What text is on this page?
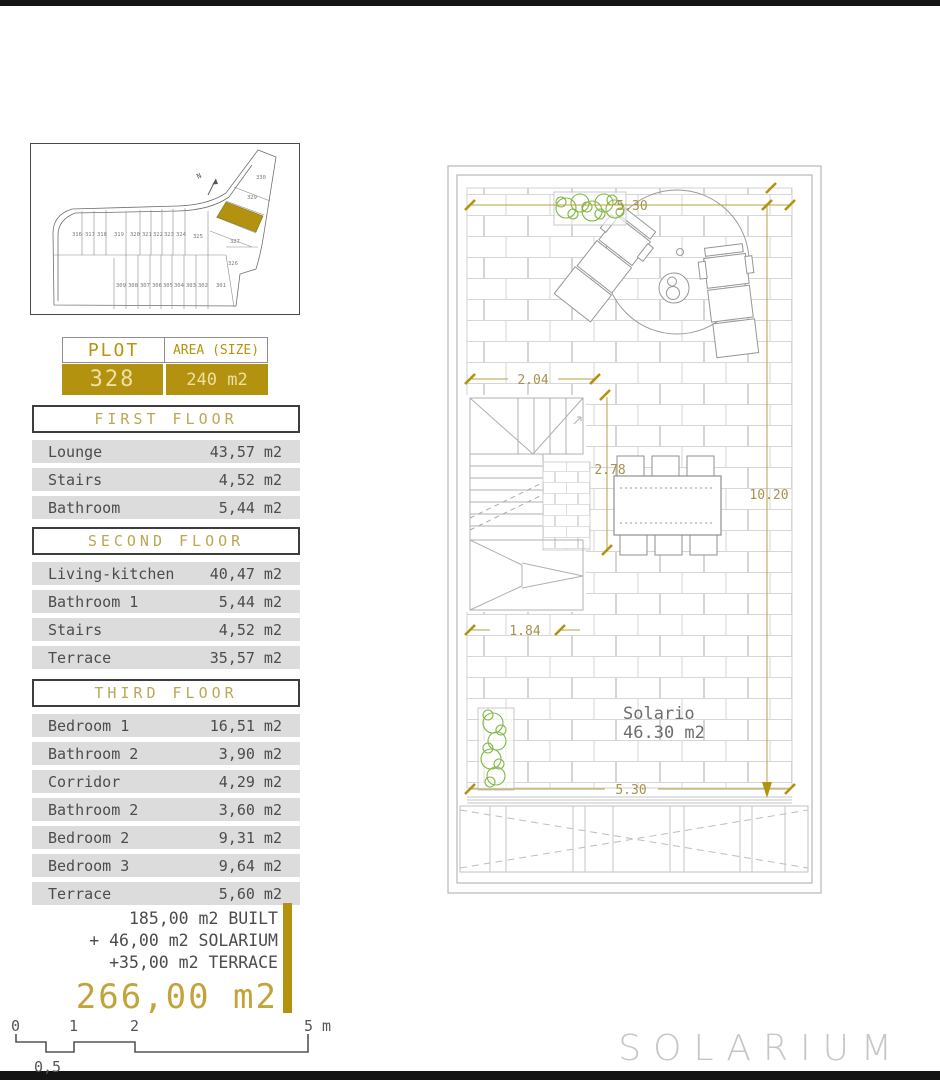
N
316 317 318 319 320 321 322 323 324 325
309 308 307 306 305 304 303 302 301
330
329
327
326
PLOT	AREA (SIZE)
328	240 m2
FIRST FLOOR
Lounge	43,57 m2
Stairs	4,52 m2
Bathroom	5,44 m2
SECOND FLOOR
Living-kitchen 40,47 m2
Bathroom 1	5,44 m2
Stairs	4,52 m2
Terrace	35,57 m2
THIRD FLOOR
Bedroom 1	16,51 m2
Bathroom 2	3,90 m2
Corridor	4,29 m2
Bathroom 2	3,60 m2
Bedroom 2	9,31 m2
Bedroom 3	9,64 m2
Terrace	5,60 m2
185,00 m2 BUILT
+ 46,00 m2 SOLARIUM
+35,00 m2 TERRACE
266,00 m2
0	1	2	5 m
0,5	SOLARIUM
5.30
2.04
2.78
10.20
1.84
5.30
Solario
46.30 m2
